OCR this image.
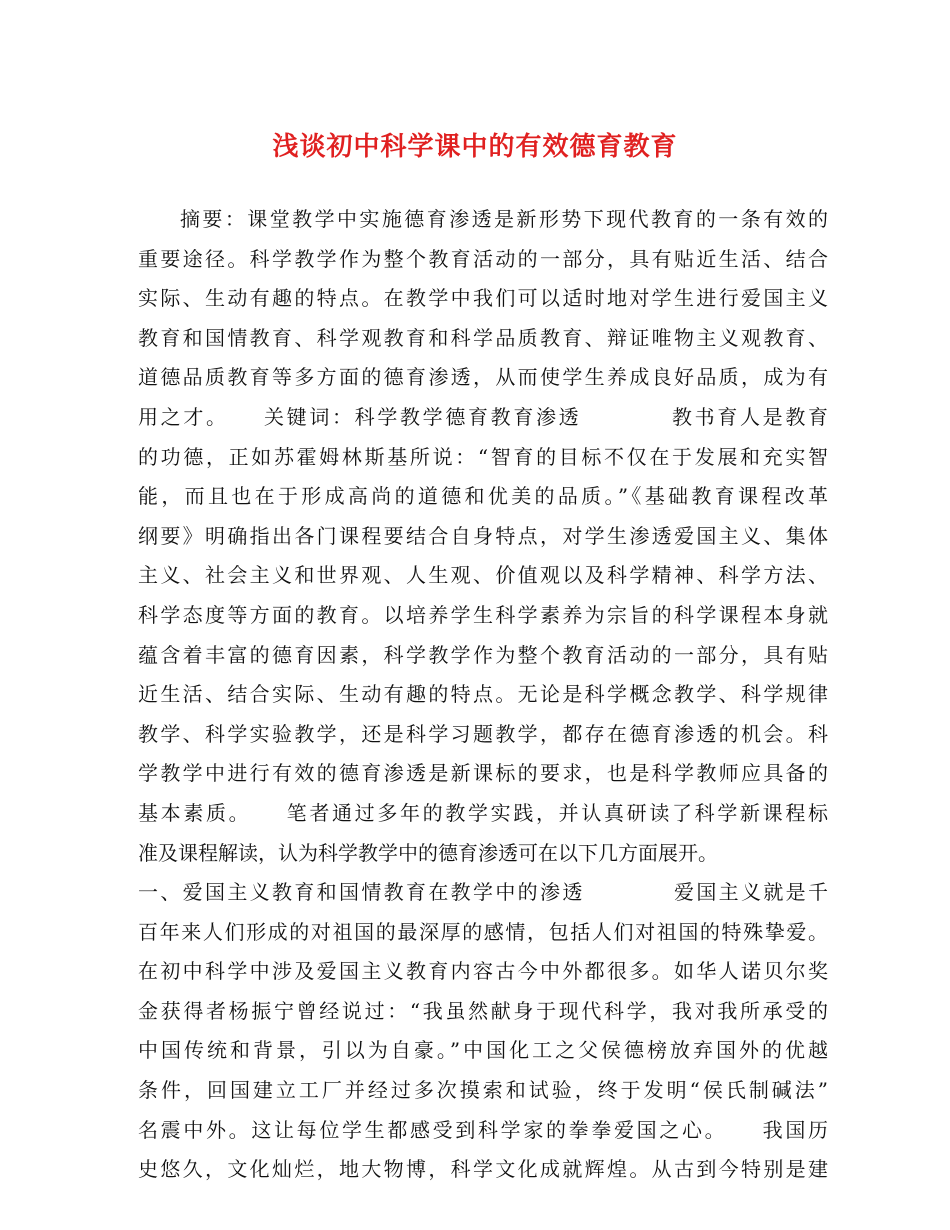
浅谈初中科学课中的有效德育教育
摘要：课堂教学中实施德育渗透是新形势下现代教育的一条有效的
重要途径。科学教学作为整个教育活动的一部分，具有贴近生活、结合
实际、生动有趣的特点。在教学中我们可以适时地对学生进行爱国主义
教育和国情教育、科学观教育和科学品质教育、辩证唯物主义观教育、
道德品质教育等多方面的德育渗透，从而使学生养成良好品质，成为有
用之才。　　关键词：科学教学德育教育渗透　　　　教书育人是教育
的功德，正如苏霍姆林斯基所说：“智育的目标不仅在于发展和充实智
能，而且也在于形成高尚的道德和优美的品质。”《基础教育课程改革
纲要》明确指出各门课程要结合自身特点，对学生渗透爱国主义、集体
主义、社会主义和世界观、人生观、价值观以及科学精神、科学方法、
科学态度等方面的教育。以培养学生科学素养为宗旨的科学课程本身就
蕴含着丰富的德育因素，科学教学作为整个教育活动的一部分，具有贴
近生活、结合实际、生动有趣的特点。无论是科学概念教学、科学规律
教学、科学实验教学，还是科学习题教学，都存在德育渗透的机会。科
学教学中进行有效的德育渗透是新课标的要求，也是科学教师应具备的
基本素质。　　笔者通过多年的教学实践，并认真研读了科学新课程标
准及课程解读，认为科学教学中的德育渗透可在以下几方面展开。
一、爱国主义教育和国情教育在教学中的渗透　　　　爱国主义就是千
百年来人们形成的对祖国的最深厚的感情，包括人们对祖国的特殊挚爱。
在初中科学中涉及爱国主义教育内容古今中外都很多。如华人诺贝尔奖
金获得者杨振宁曾经说过：“我虽然献身于现代科学，我对我所承受的
中国传统和背景，引以为自豪。”中国化工之父侯德榜放弃国外的优越
条件，回国建立工厂并经过多次摸索和试验，终于发明“侯氏制碱法”
名震中外。这让每位学生都感受到科学家的拳拳爱国之心。　　我国历
史悠久，文化灿烂，地大物博，科学文化成就辉煌。从古到今特别是建
